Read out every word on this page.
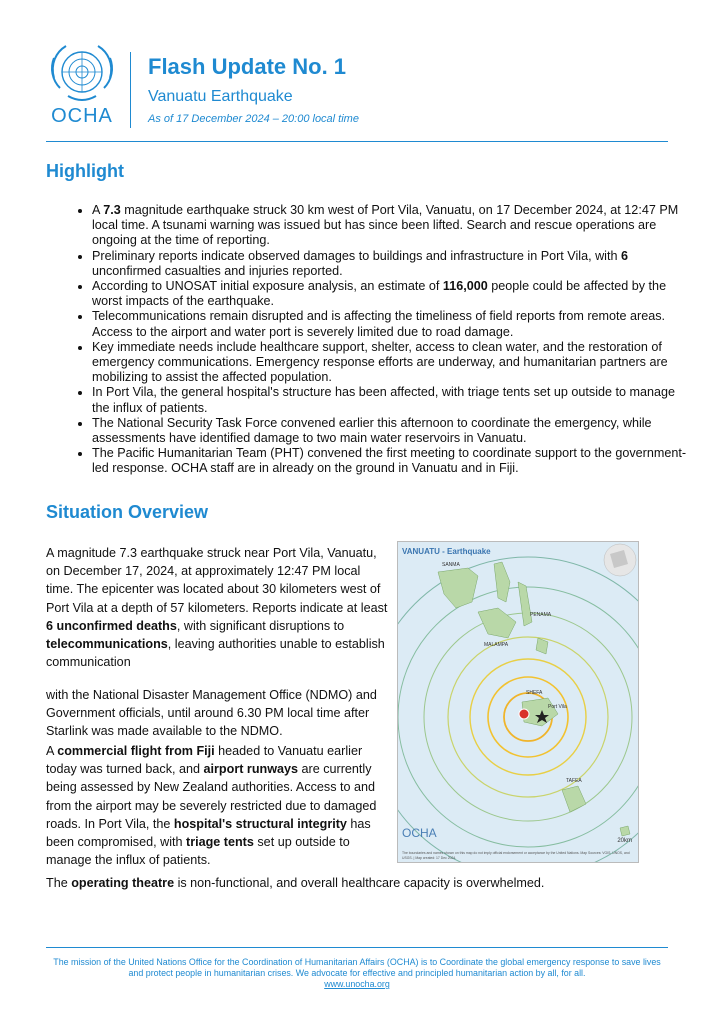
OCHA
Flash Update No. 1

Vanuatu Earthquake

As of 17 December 2024 – 20:00 local time

Highlight
• A 7.3 magnitude earthquake struck 30 km west of Port Vila, Vanuatu, on 17 December 2024, at 12:47 PM local time. A tsunami warning was issued but has since been lifted. Search and rescue operations are ongoing at the time of reporting.
• Preliminary reports indicate observed damages to buildings and infrastructure in Port Vila, with 6 unconfirmed casualties and injuries reported.
• According to UNOSAT initial exposure analysis, an estimate of 116,000 people could be affected by the worst impacts of the earthquake.
• Telecommunications remain disrupted and is affecting the timeliness of field reports from remote areas. Access to the airport and water port is severely limited due to road damage.
• Key immediate needs include healthcare support, shelter, access to clean water, and the restoration of emergency communications. Emergency response efforts are underway, and humanitarian partners are mobilizing to assist the affected population.
• In Port Vila, the general hospital's structure has been affected, with triage tents set up outside to manage the influx of patients.
• The National Security Task Force convened earlier this afternoon to coordinate the emergency, while assessments have identified damage to two main water reservoirs in Vanuatu.
• The Pacific Humanitarian Team (PHT) convened the first meeting to coordinate support to the government-led response. OCHA staff are in already on the ground in Vanuatu and in Fiji.
Situation Overview

A magnitude 7.3 earthquake struck near Port Vila, Vanuatu, on December 17, 2024, at approximately 12:47 PM local time. The epicenter was located about 30 kilometers west of Port Vila at a depth of 57 kilometers. Reports indicate at least 6 unconfirmed deaths, with significant disruptions to telecommunications, leaving authorities unable to establish communication

with the National Disaster Management Office (NDMO) and Government officials, until around 6.30 PM local time after Starlink was made available to the NDMO.

A commercial flight from Fiji headed to Vanuatu earlier today was turned back, and airport runways are currently being assessed by New Zealand authorities. Access to and from the airport may be severely restricted due to damaged roads. In Port Vila, the hospital's structural integrity has been compromised, with triage tents set up outside to manage the influx of patients.

The operating theatre is non-functional, and overall healthcare capacity is overwhelmed.

VANUATU - Earthquake

SANMA
PENAMA
MALAMPA
SHEFA
Port Vila
TAFEA
OCHA
20km

The boundaries and names shown on this map do not imply official endorsement or acceptance by the United Nations. Map Sources: VGIS, UNOS, and USGS. | Map created: 17 Dec 2024.

The mission of the United Nations Office for the Coordination of Humanitarian Affairs (OCHA) is to Coordinate the global emergency response to save lives and protect people in humanitarian crises. We advocate for effective and principled humanitarian action by all, for all.
www.unocha.org
